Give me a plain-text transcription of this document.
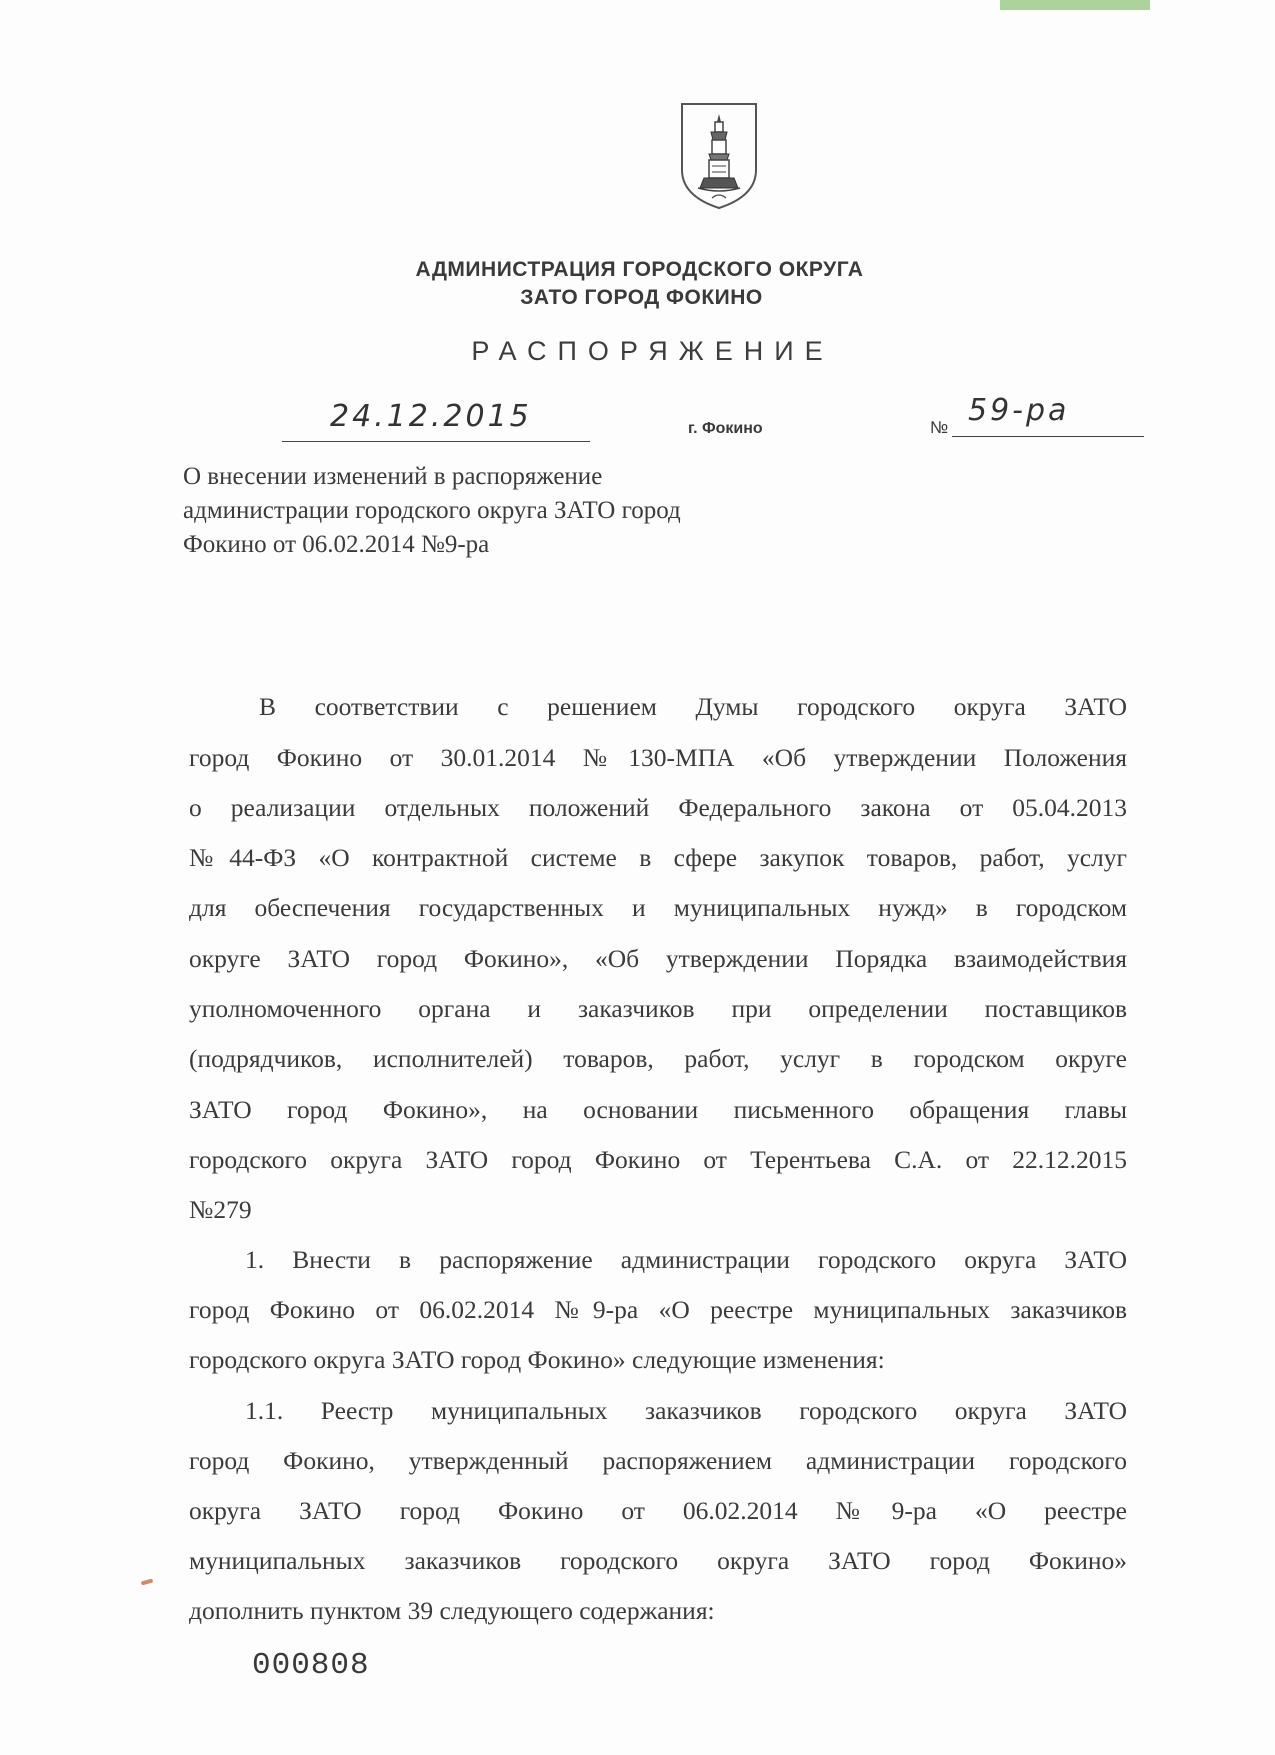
АДМИНИСТРАЦИЯ ГОРОДСКОГО ОКРУГА
ЗАТО ГОРОД ФОКИНО
РАСПОРЯЖЕНИЕ
24.12.2015	г. Фокино	№ 59-ра
О внесении изменений в распоряжение
администрации городского округа ЗАТО город
Фокино от 06.02.2014 №9-ра
В соответствии с решением Думы городского округа ЗАТО
город Фокино от 30.01.2014 №130-МПА «Об утверждении Положения
о реализации отдельных положений Федерального закона от 05.04.2013
№44-ФЗ «О контрактной системе в сфере закупок товаров, работ, услуг
для обеспечения государственных и муниципальных нужд» в городском
округе ЗАТО город Фокино», «Об утверждении Порядка взаимодействия
уполномоченного органа и заказчиков при определении поставщиков
(подрядчиков, исполнителей) товаров, работ, услуг в городском округе
ЗАТО город Фокино», на основании письменного обращения главы
городского округа ЗАТО город Фокино от Терентьева С.А. от 22.12.2015
№279
1. Внести в распоряжение администрации городского округа ЗАТО
город Фокино от 06.02.2014 №9-ра «О реестре муниципальных заказчиков
городского округа ЗАТО город Фокино» следующие изменения:
1.1. Реестр муниципальных заказчиков городского округа ЗАТО
город Фокино, утвержденный распоряжением администрации городского
округа ЗАТО город Фокино от 06.02.2014 №9-ра «О реестре
муниципальных заказчиков городского округа ЗАТО город Фокино»
дополнить пунктом 39 следующего содержания:
000808
